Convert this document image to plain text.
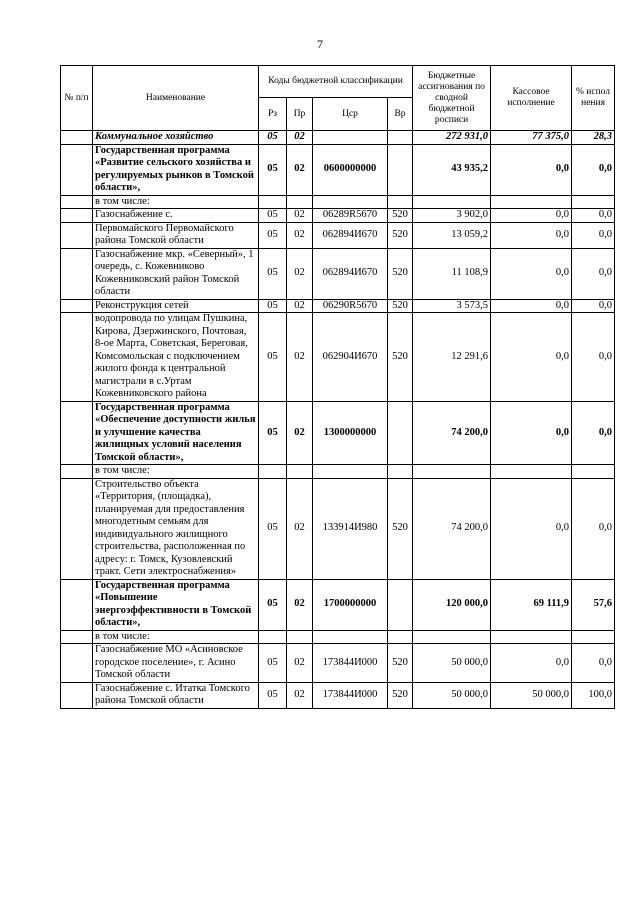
7
№ п/п	Наименование	Коды бюджетной классификации				Бюджетные ассигнования по сводной бюджетной росписи	Кассовое исполнение	% испол нения
		Рз	Пр	Цср	Вр			
	Коммунальное хозяйство	05	02			272 931,0	77 375,0	28,3
	Государственная программа «Развитие сельского хозяйства и регулируемых рынков в Томской области»,	05	02	0600000000		43 935,2	0,0	0,0
	в том числе:							
	Газоснабжение с.	05	02	06289R5670	520	3 902,0	0,0	0,0
	Первомайского Первомайского района Томской области	05	02	062894И670	520	13 059,2	0,0	0,0
	Газоснабжение мкр. «Северный», 1 очередь, с. Кожевниково Кожевниковский район Томской области	05	02	062894И670	520	11 108,9	0,0	0,0
	Реконструкция сетей	05	02	06290R5670	520	3 573,5	0,0	0,0
	водопровода по улицам Пушкина, Кирова, Дзержинского, Почтовая, 8-ое Марта, Советская, Береговая, Комсомольская с подключением жилого фонда к центральной магистрали в с.Уртам Кожевниковского района	05	02	062904И670	520	12 291,6	0,0	0,0
	Государственная программа «Обеспечение доступности жилья и улучшение качества жилищных условий населения Томской области»,	05	02	1300000000		74 200,0	0,0	0,0
	в том числе:							
	Строительство объекта «Территория, (площадка), планируемая для предоставления многодетным семьям для индивидуального жилищного строительства, расположенная по адресу: г. Томск, Кузовлевский тракт. Сети электроснабжения»	05	02	133914И980	520	74 200,0	0,0	0,0
	Государственная программа «Повышение энергоэффективности в Томской области»,	05	02	1700000000		120 000,0	69 111,9	57,6
	в том числе:							
	Газоснабжение МО «Асиновское городское поселение», г. Асино Томской области	05	02	173844И000	520	50 000,0	0,0	0,0
	Газоснабжение с. Итатка Томского района Томской области	05	02	173844И000	520	50 000,0	50 000,0	100,0
